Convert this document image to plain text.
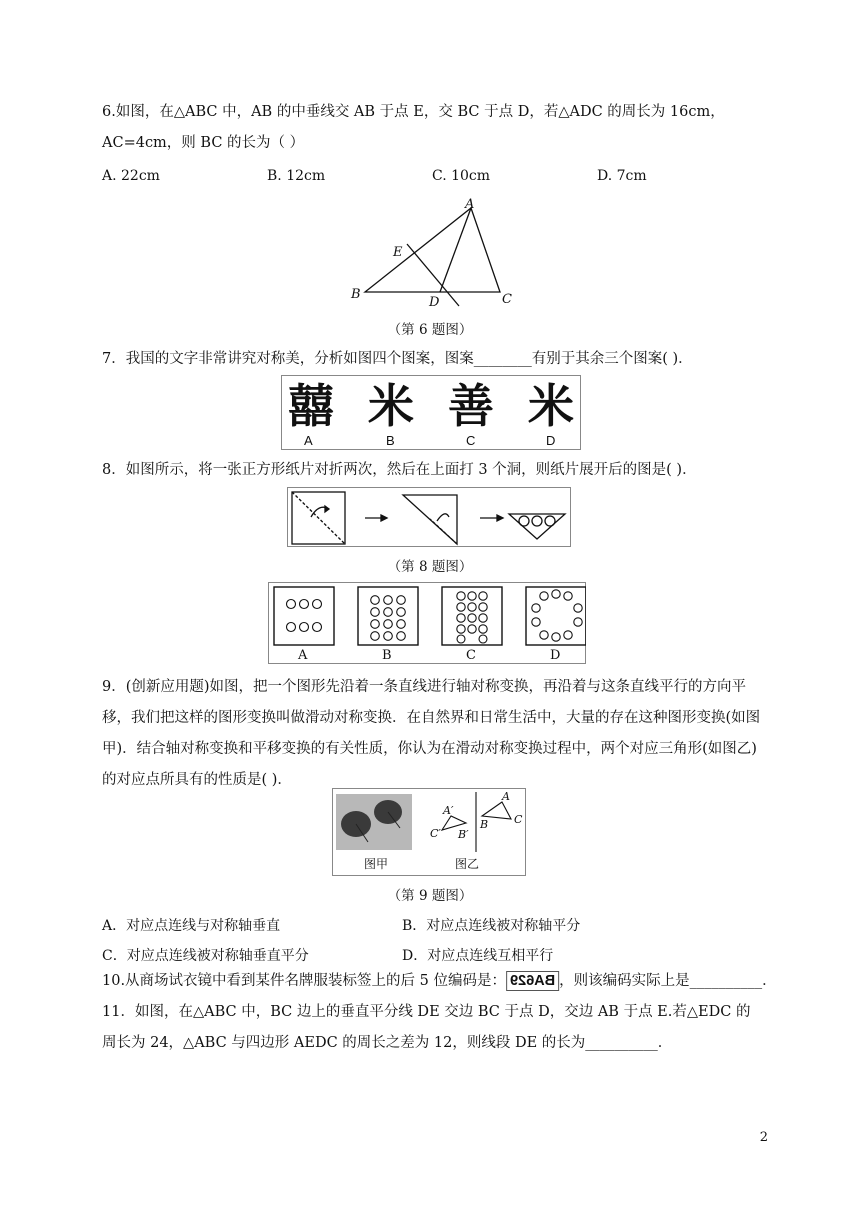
6.如图，在△ABC 中，AB 的中垂线交 AB 于点 E，交 BC 于点 D，若△ADC 的周长为 16cm，AC=4cm，则 BC 的长为（ ）

A. 22cm	B. 12cm	C. 10cm	D. 7cm
B
A
C
D
E
（第 6 题图）

7．我国的文字非常讲究对称美，分析如图四个图案，图案________有别于其余三个图案( )．

囍 米 善 米
A	B	C	D

8．如图所示，将一张正方形纸片对折两次，然后在上面打 3 个洞，则纸片展开后的图是( )．

（第 8 题图）
A	B	C	D

9．(创新应用题)如图，把一个图形先沿着一条直线进行轴对称变换，再沿着与这条直线平行的方向平移，我们把这样的图形变换叫做滑动对称变换．在自然界和日常生活中，大量的存在这种图形变换(如图甲)．结合轴对称变换和平移变换的有关性质，你认为在滑动对称变换过程中，两个对应三角形(如图乙)的对应点所具有的性质是( )．

A′
C′ B′
A
B C
图甲	图乙
（第 9 题图）
A．对应点连线与对称轴垂直	B．对应点连线被对称轴平分
C．对应点连线被对称轴垂直平分	D．对应点连线互相平行
10.从商场试衣镜中看到某件名牌服装标签上的后 5 位编码是： BA629 ，则该编码实际上是__________．

11．如图，在△ABC 中，BC 边上的垂直平分线 DE 交边 BC 于点 D，交边 AB 于点 E.若△EDC 的周长为 24，△ABC 与四边形 AEDC 的周长之差为 12，则线段 DE 的长为__________．

2
